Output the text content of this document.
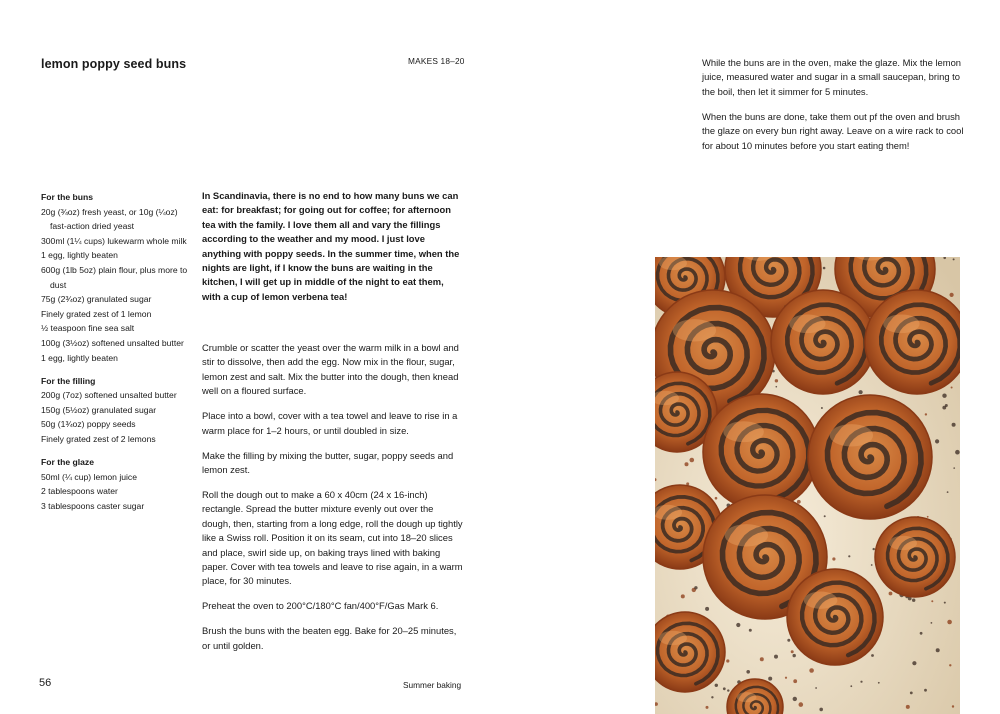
lemon poppy seed buns	MAKES 18–20

For the buns

20g (¾oz) fresh yeast, or 10g (¼oz) fast-action dried yeast
300ml (1¼ cups) lukewarm whole milk
1 egg, lightly beaten
600g (1lb 5oz) plain flour, plus more to dust
75g (2¾oz) granulated sugar
Finely grated zest of 1 lemon
½ teaspoon fine sea salt
100g (3½oz) softened unsalted butter
1 egg, lightly beaten

For the filling

200g (7oz) softened unsalted butter
150g (5½oz) granulated sugar
50g (1¾oz) poppy seeds
Finely grated zest of 2 lemons

For the glaze

50ml (¼ cup) lemon juice
2 tablespoons water
3 tablespoons caster sugar

In Scandinavia, there is no end to how many buns we can eat: for breakfast; for going out for coffee; for afternoon tea with the family. I love them all and vary the fillings according to the weather and my mood. I just love anything with poppy seeds. In the summer time, when the nights are light, if I know the buns are waiting in the kitchen, I will get up in middle of the night to eat them, with a cup of lemon verbena tea!

Crumble or scatter the yeast over the warm milk in a bowl and stir to dissolve, then add the egg. Now mix in the flour, sugar, lemon zest and salt. Mix the butter into the dough, then knead well on a floured surface.

Place into a bowl, cover with a tea towel and leave to rise in a warm place for 1–2 hours, or until doubled in size.

Make the filling by mixing the butter, sugar, poppy seeds and lemon zest.

Roll the dough out to make a 60 x 40cm (24 x 16-inch) rectangle. Spread the butter mixture evenly out over the dough, then, starting from a long edge, roll the dough up tightly like a Swiss roll. Position it on its seam, cut into 18–20 slices and place, swirl side up, on baking trays lined with baking paper. Cover with tea towels and leave to rise again, in a warm place, for 30 minutes.

Preheat the oven to 200°C/180°C fan/400°F/Gas Mark 6.

Brush the buns with the beaten egg. Bake for 20–25 minutes, or until golden.

While the buns are in the oven, make the glaze. Mix the lemon juice, measured water and sugar in a small saucepan, bring to the boil, then let it simmer for 5 minutes.

When the buns are done, take them out pf the oven and brush the glaze on every bun right away. Leave on a wire rack to cool for about 10 minutes before you start eating them!

56	Summer baking
